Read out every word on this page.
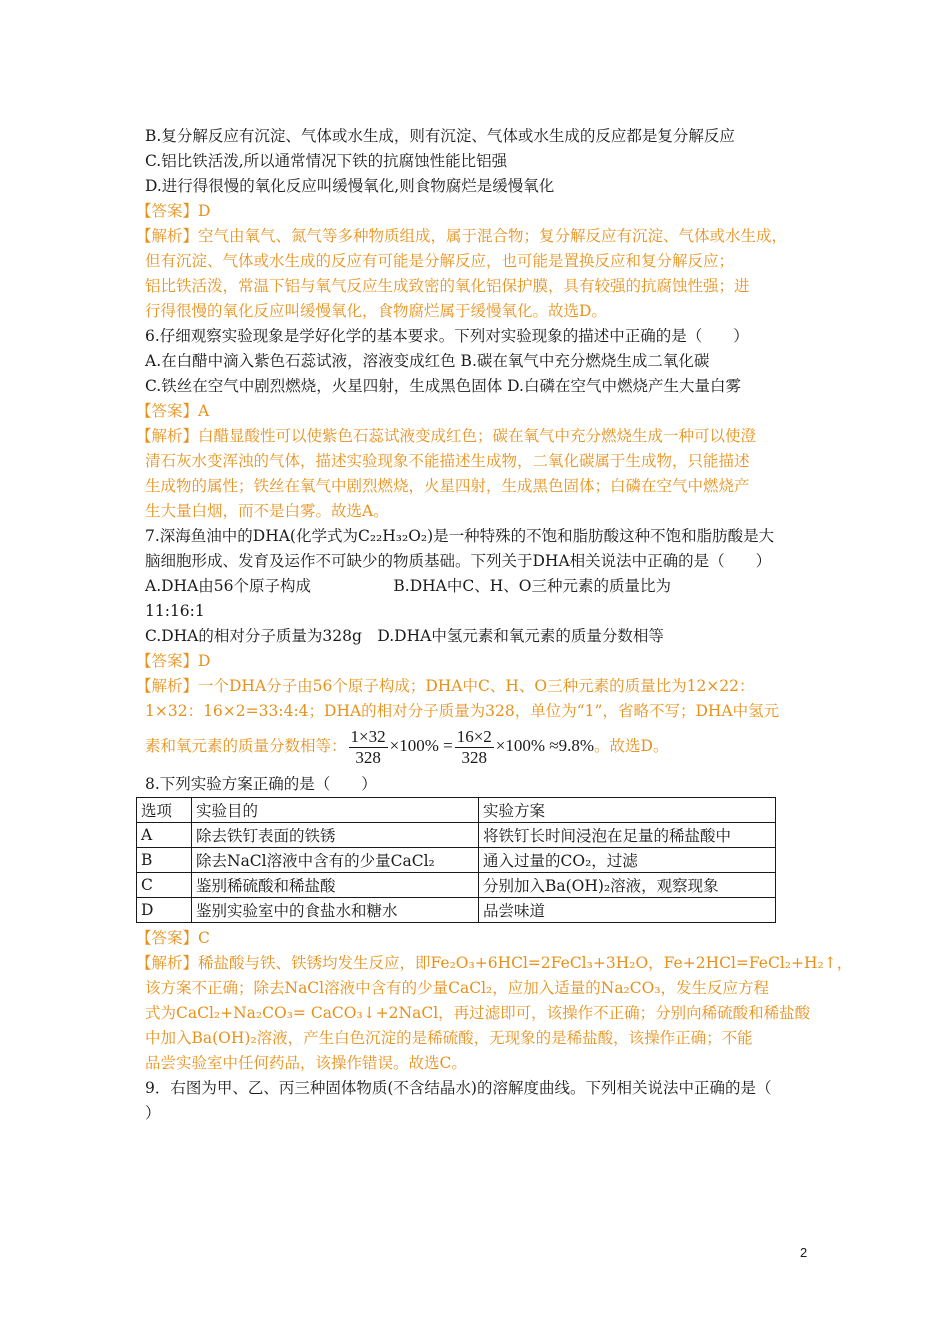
B.复分解反应有沉淀、气体或水生成，则有沉淀、气体或水生成的反应都是复分解反应
C.铝比铁活泼,所以通常情况下铁的抗腐蚀性能比铝强
D.进行得很慢的氧化反应叫缓慢氧化,则食物腐烂是缓慢氧化
【答案】D
【解析】空气由氧气、氮气等多种物质组成，属于混合物；复分解反应有沉淀、气体或水生成，
但有沉淀、气体或水生成的反应有可能是分解反应，也可能是置换反应和复分解反应；
铝比铁活泼，常温下铝与氧气反应生成致密的氧化铝保护膜，具有较强的抗腐蚀性强；进
行得很慢的氧化反应叫缓慢氧化，食物腐烂属于缓慢氧化。故选D。
6.仔细观察实验现象是学好化学的基本要求。下列对实验现象的描述中正确的是（　　）
A.在白醋中滴入紫色石蕊试液，溶液变成红色 B.碳在氧气中充分燃烧生成二氧化碳
C.铁丝在空气中剧烈燃烧，火星四射，生成黑色固体 D.白磷在空气中燃烧产生大量白雾
【答案】A
【解析】白醋显酸性可以使紫色石蕊试液变成红色；碳在氧气中充分燃烧生成一种可以使澄
清石灰水变浑浊的气体，描述实验现象不能描述生成物，二氧化碳属于生成物，只能描述
生成物的属性；铁丝在氧气中剧烈燃烧，火星四射，生成黑色固体；白磷在空气中燃烧产
生大量白烟，而不是白雾。故选A。
7.深海鱼油中的DHA(化学式为C₂₂H₃₂O₂)是一种特殊的不饱和脂肪酸这种不饱和脂肪酸是大
脑细胞形成、发育及运作不可缺少的物质基础。下列关于DHA相关说法中正确的是（　　）
A.DHA由56个原子构成　　　　　 B.DHA中C、H、O三种元素的质量比为
11:16:1
C.DHA的相对分子质量为328g　D.DHA中氢元素和氧元素的质量分数相等
【答案】D
【解析】一个DHA分子由56个原子构成；DHA中C、H、O三种元素的质量比为12×22：
1×32：16×2=33:4:4；DHA的相对分子质量为328，单位为“1”，省略不写；DHA中氢元
素和氧元素的质量分数相等： $\frac{1\times 32}{328} \times 100\% = \frac{16\times 2}{328} \times 100\% \approx 9.8\%$。故选D。
8.下列实验方案正确的是（　　）
选项	实验目的	实验方案
A	除去铁钉表面的铁锈	将铁钉长时间浸泡在足量的稀盐酸中
B	除去NaCl溶液中含有的少量CaCl₂	通入过量的CO₂，过滤
C	鉴别稀硫酸和稀盐酸	分别加入Ba(OH)₂溶液，观察现象
D	鉴别实验室中的食盐水和糖水	品尝味道
【答案】C
【解析】稀盐酸与铁、铁锈均发生反应，即Fe₂O₃+6HCl=2FeCl₃+3H₂O，Fe+2HCl=FeCl₂+H₂↑，
该方案不正确；除去NaCl溶液中含有的少量CaCl₂，应加入适量的Na₂CO₃，发生反应方程
式为CaCl₂+Na₂CO₃= CaCO₃↓+2NaCl，再过滤即可，该操作不正确；分别向稀硫酸和稀盐酸
中加入Ba(OH)₂溶液，产生白色沉淀的是稀硫酸，无现象的是稀盐酸，该操作正确；不能
品尝实验室中任何药品，该操作错误。故选C。
9．右图为甲、乙、丙三种固体物质(不含结晶水)的溶解度曲线。下列相关说法中正确的是（
）
2
